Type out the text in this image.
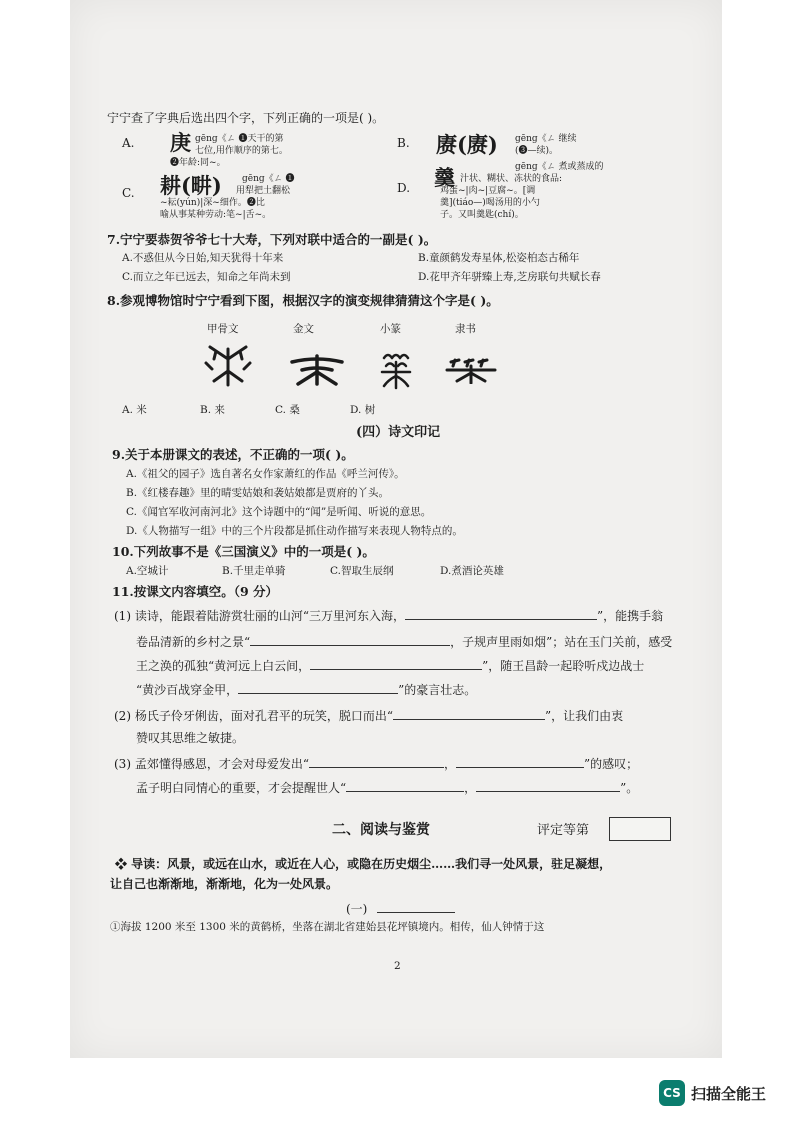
宁宁查了字典后选出四个字，下列正确的一项是( )。
A. 庚 gēng《ㄥ ❶天干的第
七位,用作顺序的第七。
❷年龄:同~。
B. 赓(赓) gēng《ㄥ 继续
(❸—续)。
C. 耕(畊) gēng《ㄥ ❶
用犁把土翻松
~耘(yún)|深~细作。❷比
喻从事某种劳动:笔~|舌~。
D. 羹	gēng《ㄥ 煮或蒸成的
汁状、糊状、冻状的食品:
鸡蛋~|肉~|豆腐~。[调
羹](tiáo—)喝汤用的小勺
子。又叫羹匙(chí)。
7.宁宁要恭贺爷爷七十大寿，下列对联中适合的一副是( )。
A.不惑但从今日始,知天犹得十年来	B.童颜鹤发寿星体,松姿柏态古稀年
C.而立之年已远去，知命之年尚未到	D.花甲齐年骈臻上寿,芝房联句共赋长春
8.参观博物馆时宁宁看到下图，根据汉字的演变规律猜猜这个字是( )。
甲骨文	金文	小篆	隶书
A. 米	B. 来	C. 桑	D. 树
(四）诗文印记
9.关于本册课文的表述，不正确的一项( )。
A.《祖父的园子》选自著名女作家萧红的作品《呼兰河传》。
B.《红楼春趣》里的晴雯姑娘和袭姑娘都是贾府的丫头。
C.《闻官军收河南河北》这个诗题中的“闻”是听闻、听说的意思。
D.《人物描写一组》中的三个片段都是抓住动作描写来表现人物特点的。
10.下列故事不是《三国演义》中的一项是( )。
A.空城计	B.千里走单骑	C.智取生辰纲	D.煮酒论英雄
11.按课文内容填空。（9 分）
(1) 读诗，能跟着陆游赏壮丽的山河“三万里河东入海，	”，能携手翁
卷品清新的乡村之景“	，子规声里雨如烟”；站在玉门关前，感受
王之涣的孤独“黄河远上白云间，	”，随王昌龄一起聆听戍边战士
“黄沙百战穿金甲，	”的豪言壮志。
(2) 杨氏子伶牙俐齿，面对孔君平的玩笑，脱口而出“	”，让我们由衷
赞叹其思维之敏捷。
(3) 孟郊懂得感恩，才会对母爱发出“	，	”的感叹；
孟子明白同情心的重要，才会提醒世人“	，	”。
二、阅读与鉴赏	评定等第
❖ 导读：风景，或远在山水，或近在人心，或隐在历史烟尘……我们寻一处风景，驻足凝想，
让自己也渐渐地，渐渐地，化为一处风景。
(一)
①海拔 1200 米至 1300 米的黄鹤桥，坐落在湖北省建始县花坪镇境内。相传，仙人钟情于这
2
CS 扫描全能王
